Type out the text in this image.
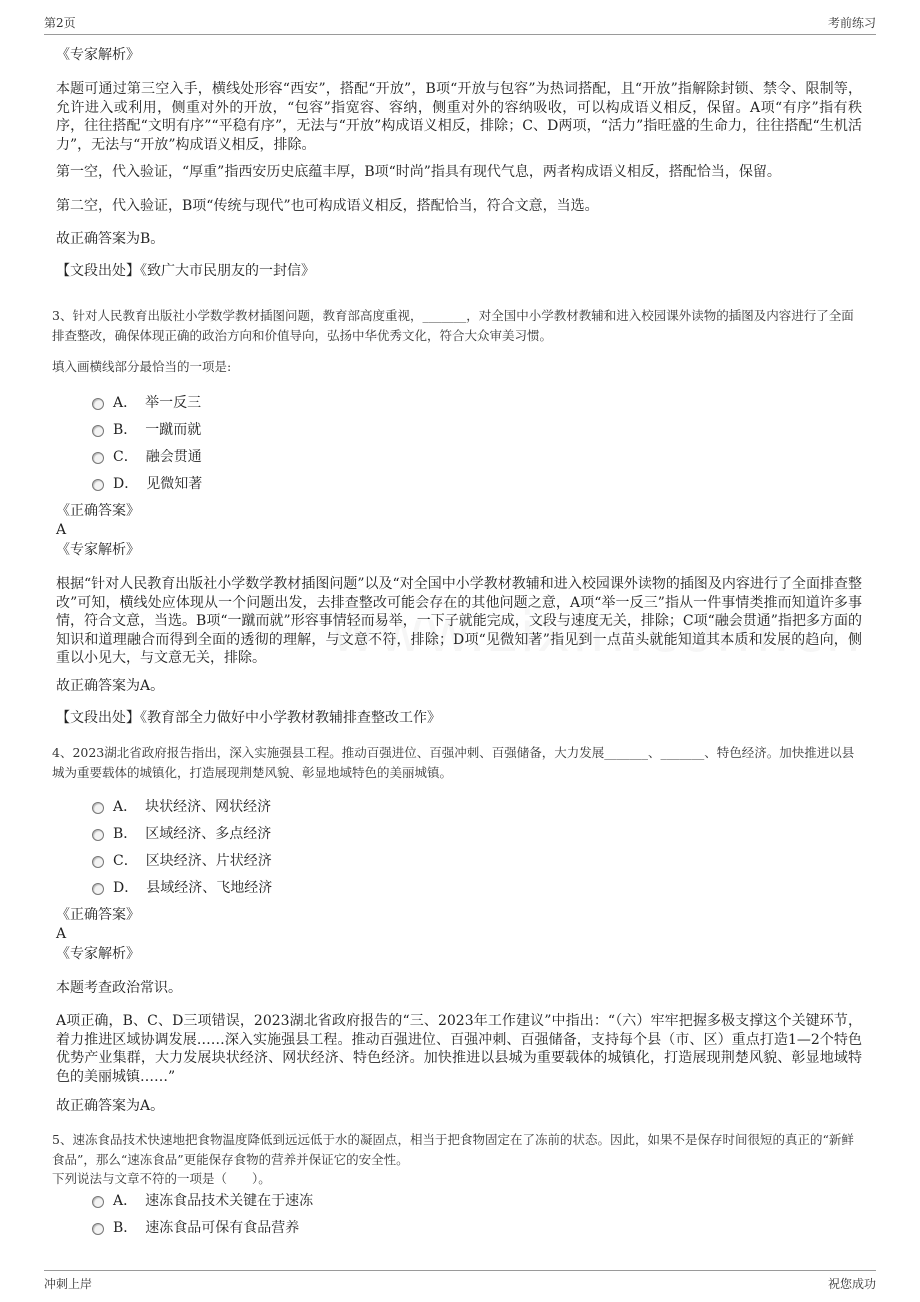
第2页	考前练习

《专家解析》

本题可通过第三空入手，横线处形容“西安”，搭配“开放”，B项“开放与包容”为热词搭配，且“开放”指解除封锁、禁令、限制等，允许进入或利用，侧重对外的开放，“包容”指宽容、容纳，侧重对外的容纳吸收，可以构成语义相反，保留。A项“有序”指有秩序，往往搭配“文明有序”“平稳有序”，无法与“开放”构成语义相反，排除；C、D两项，“活力”指旺盛的生命力，往往搭配“生机活力”，无法与“开放”构成语义相反，排除。

第一空，代入验证，“厚重”指西安历史底蕴丰厚，B项“时尚”指具有现代气息，两者构成语义相反，搭配恰当，保留。

第二空，代入验证，B项“传统与现代”也可构成语义相反，搭配恰当，符合文意，当选。

故正确答案为B。

【文段出处】《致广大市民朋友的一封信》

3、针对人民教育出版社小学数学教材插图问题，教育部高度重视，_______，对全国中小学教材教辅和进入校园课外读物的插图及内容进行了全面排查整改，确保体现正确的政治方向和价值导向，弘扬中华优秀文化，符合大众审美习惯。

填入画横线部分最恰当的一项是:

A． 举一反三
B． 一蹴而就
C． 融会贯通
D． 见微知著

《正确答案》

A

《专家解析》

根据“针对人民教育出版社小学数学教材插图问题”以及“对全国中小学教材教辅和进入校园课外读物的插图及内容进行了全面排查整改”可知，横线处应体现从一个问题出发，去排查整改可能会存在的其他问题之意，A项“举一反三”指从一件事情类推而知道许多事情，符合文意，当选。B项“一蹴而就”形容事情轻而易举，一下子就能完成，文段与速度无关，排除；C项“融会贯通”指把多方面的知识和道理融合而得到全面的透彻的理解，与文意不符，排除；D项“见微知著”指见到一点苗头就能知道其本质和发展的趋向，侧重以小见大，与文意无关，排除。

故正确答案为A。

【文段出处】《教育部全力做好中小学教材教辅排查整改工作》

4、2023湖北省政府报告指出，深入实施强县工程。推动百强进位、百强冲刺、百强储备，大力发展_______、_______、特色经济。加快推进以县城为重要载体的城镇化，打造展现荆楚风貌、彰显地域特色的美丽城镇。

A． 块状经济、网状经济
B． 区域经济、多点经济
C． 区块经济、片状经济
D． 县域经济、飞地经济

《正确答案》

A

《专家解析》

本题考查政治常识。

A项正确，B、C、D三项错误，2023湖北省政府报告的“三、2023年工作建议”中指出：“（六）牢牢把握多极支撑这个关键环节，着力推进区域协调发展……深入实施强县工程。推动百强进位、百强冲刺、百强储备，支持每个县（市、区）重点打造1—2个特色优势产业集群，大力发展块状经济、网状经济、特色经济。加快推进以县城为重要载体的城镇化，打造展现荆楚风貌、彰显地域特色的美丽城镇……”

故正确答案为A。

5、速冻食品技术快速地把食物温度降低到远远低于水的凝固点，相当于把食物固定在了冻前的状态。因此，如果不是保存时间很短的真正的“新鲜食品”，那么“速冻食品”更能保存食物的营养并保证它的安全性。

下列说法与文章不符的一项是（　　）。

A． 速冻食品技术关键在于速冻
B． 速冻食品可保有食品营养
冲刺上岸	祝您成功
